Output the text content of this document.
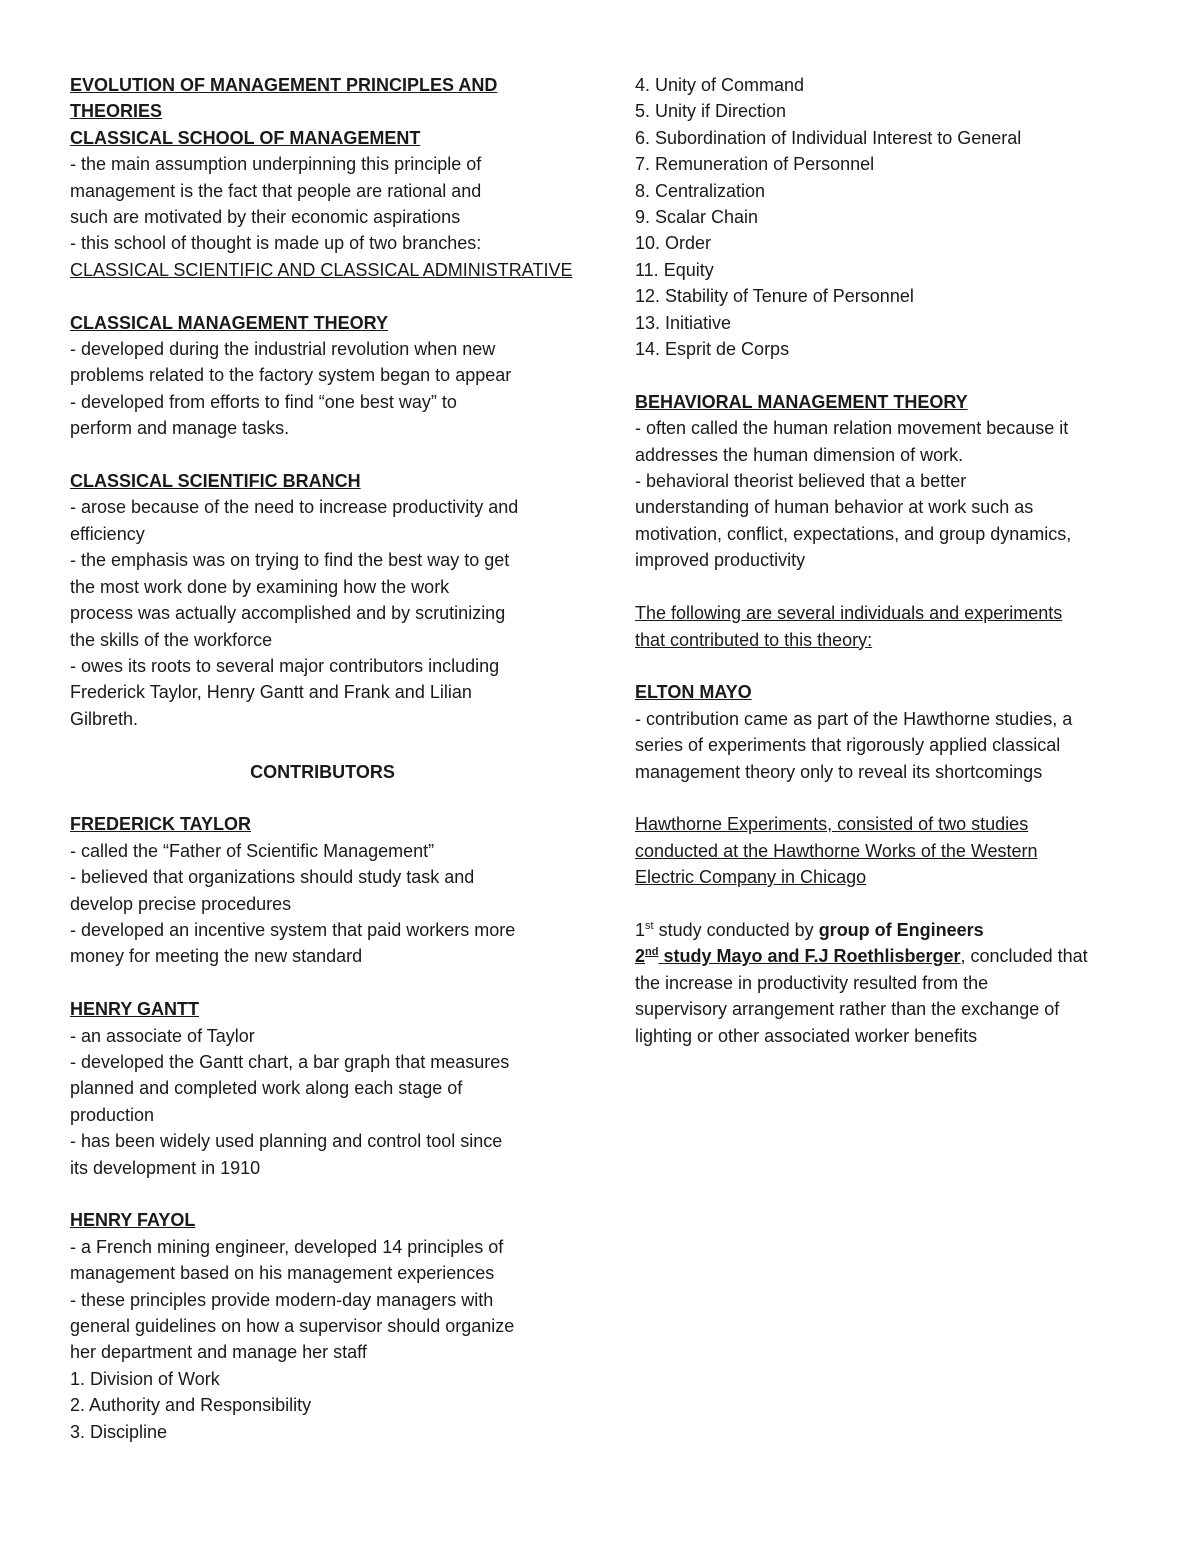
EVOLUTION OF MANAGEMENT PRINCIPLES AND
THEORIES
CLASSICAL SCHOOL OF MANAGEMENT
- the main assumption underpinning this principle of
management is the fact that people are rational and
such are motivated by their economic aspirations
- this school of thought is made up of two branches:
CLASSICAL SCIENTIFIC AND CLASSICAL ADMINISTRATIVE
CLASSICAL MANAGEMENT THEORY
- developed during the industrial revolution when new
problems related to the factory system began to appear
- developed from efforts to find “one best way” to
perform and manage tasks.
CLASSICAL SCIENTIFIC BRANCH
- arose because of the need to increase productivity and
efficiency
- the emphasis was on trying to find the best way to get
the most work done by examining how the work
process was actually accomplished and by scrutinizing
the skills of the workforce
- owes its roots to several major contributors including
Frederick Taylor, Henry Gantt and Frank and Lilian
Gilbreth.
CONTRIBUTORS
FREDERICK TAYLOR
- called the “Father of Scientific Management”
- believed that organizations should study task and
develop precise procedures
- developed an incentive system that paid workers more
money for meeting the new standard
HENRY GANTT
- an associate of Taylor
- developed the Gantt chart, a bar graph that measures
planned and completed work along each stage of
production
- has been widely used planning and control tool since
its development in 1910
HENRY FAYOL
- a French mining engineer, developed 14 principles of
management based on his management experiences
- these principles provide modern-day managers with
general guidelines on how a supervisor should organize
her department and manage her staff
1. Division of Work
2. Authority and Responsibility
3. Discipline
4. Unity of Command
5. Unity if Direction
6. Subordination of Individual Interest to General
7. Remuneration of Personnel
8. Centralization
9. Scalar Chain
10. Order
11. Equity
12. Stability of Tenure of Personnel
13. Initiative
14. Esprit de Corps
BEHAVIORAL MANAGEMENT THEORY
- often called the human relation movement because it
addresses the human dimension of work.
- behavioral theorist believed that a better
understanding of human behavior at work such as
motivation, conflict, expectations, and group dynamics,
improved productivity
The following are several individuals and experiments
that contributed to this theory:
ELTON MAYO
- contribution came as part of the Hawthorne studies, a
series of experiments that rigorously applied classical
management theory only to reveal its shortcomings
Hawthorne Experiments, consisted of two studies
conducted at the Hawthorne Works of the Western
Electric Company in Chicago
1st study conducted by group of Engineers
2nd study Mayo and F.J Roethlisberger, concluded that
the increase in productivity resulted from the
supervisory arrangement rather than the exchange of
lighting or other associated worker benefits
